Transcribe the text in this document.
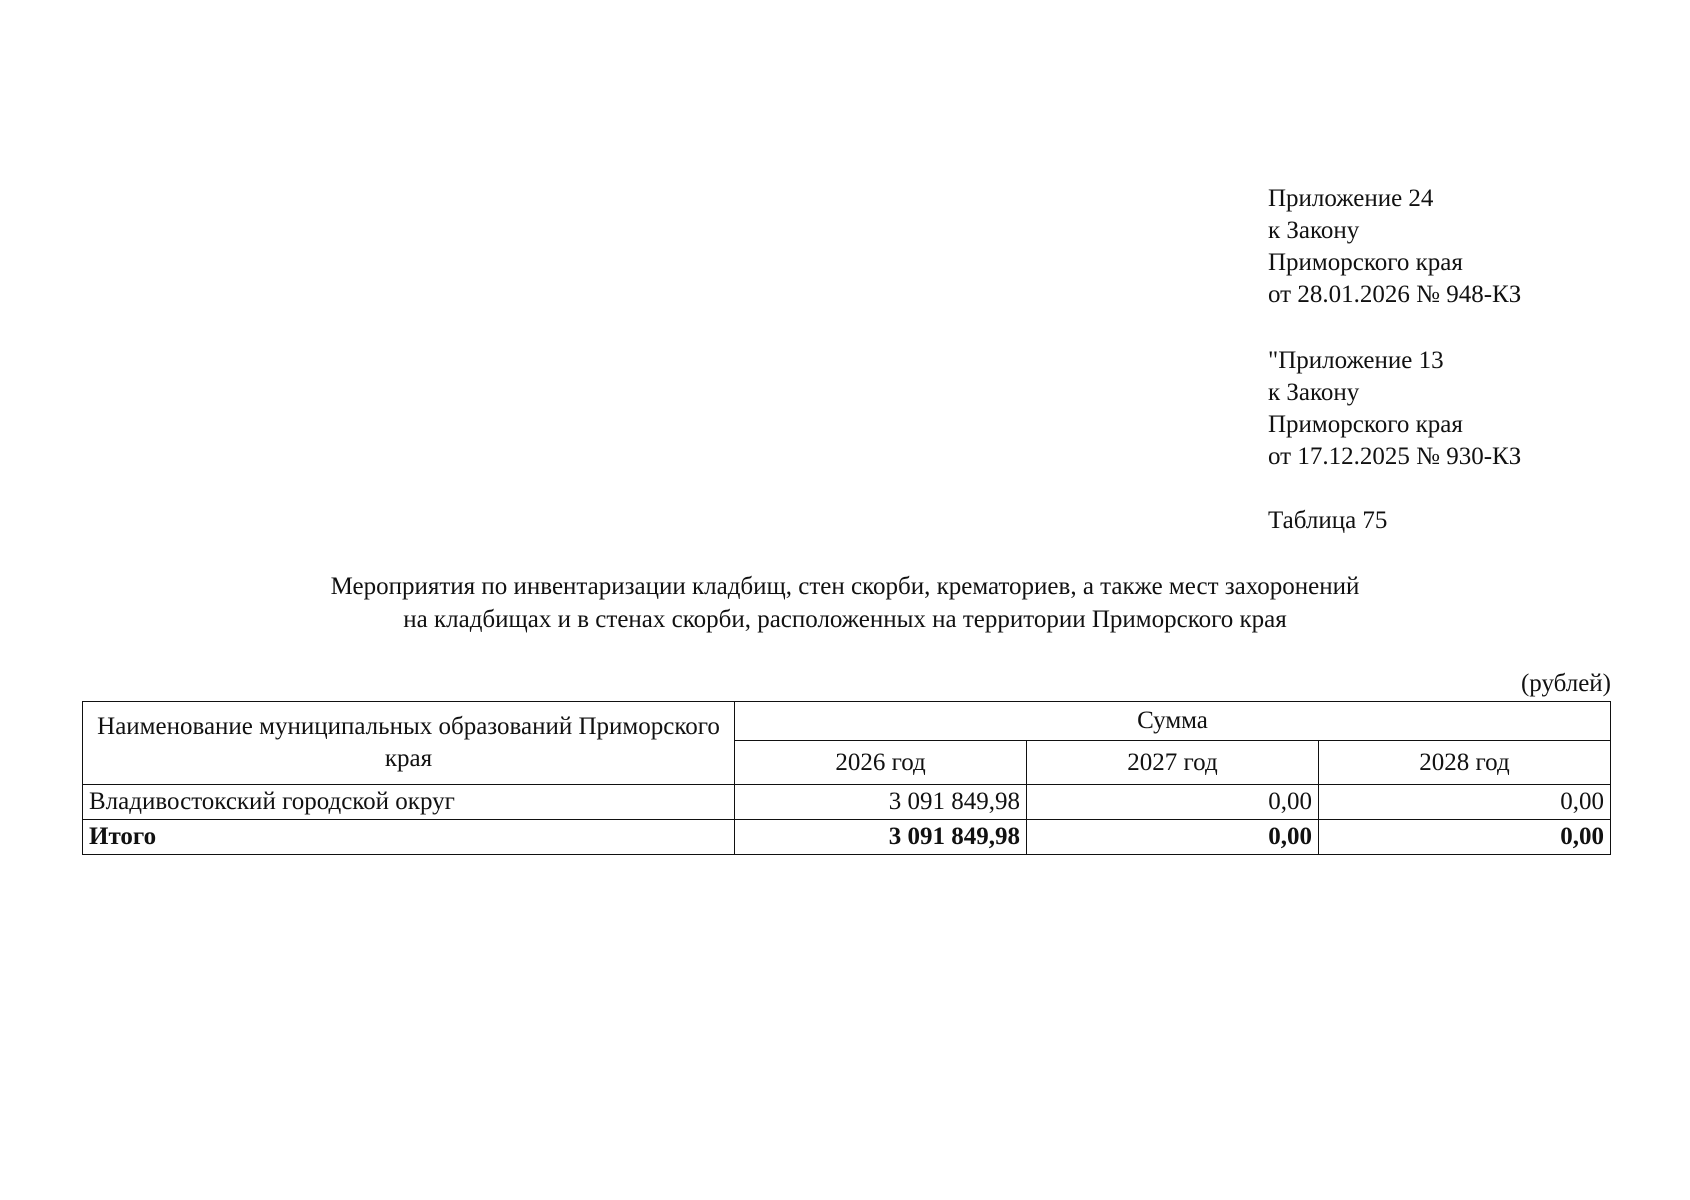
Приложение 24
к Закону
Приморского края
от 28.01.2026 № 948-КЗ
"Приложение 13
к Закону
Приморского края
от 17.12.2025 № 930-КЗ
Таблица 75
Мероприятия по инвентаризации кладбищ, стен скорби, крематориев, а также мест захоронений
на кладбищах и в стенах скорби, расположенных на территории Приморского края
(рублей)
Наименование муниципальных образований Приморского края	Сумма		
	2026 год	2027 год	2028 год
Владивостокский городской округ	3 091 849,98	0,00	0,00
Итого	3 091 849,98	0,00	0,00
